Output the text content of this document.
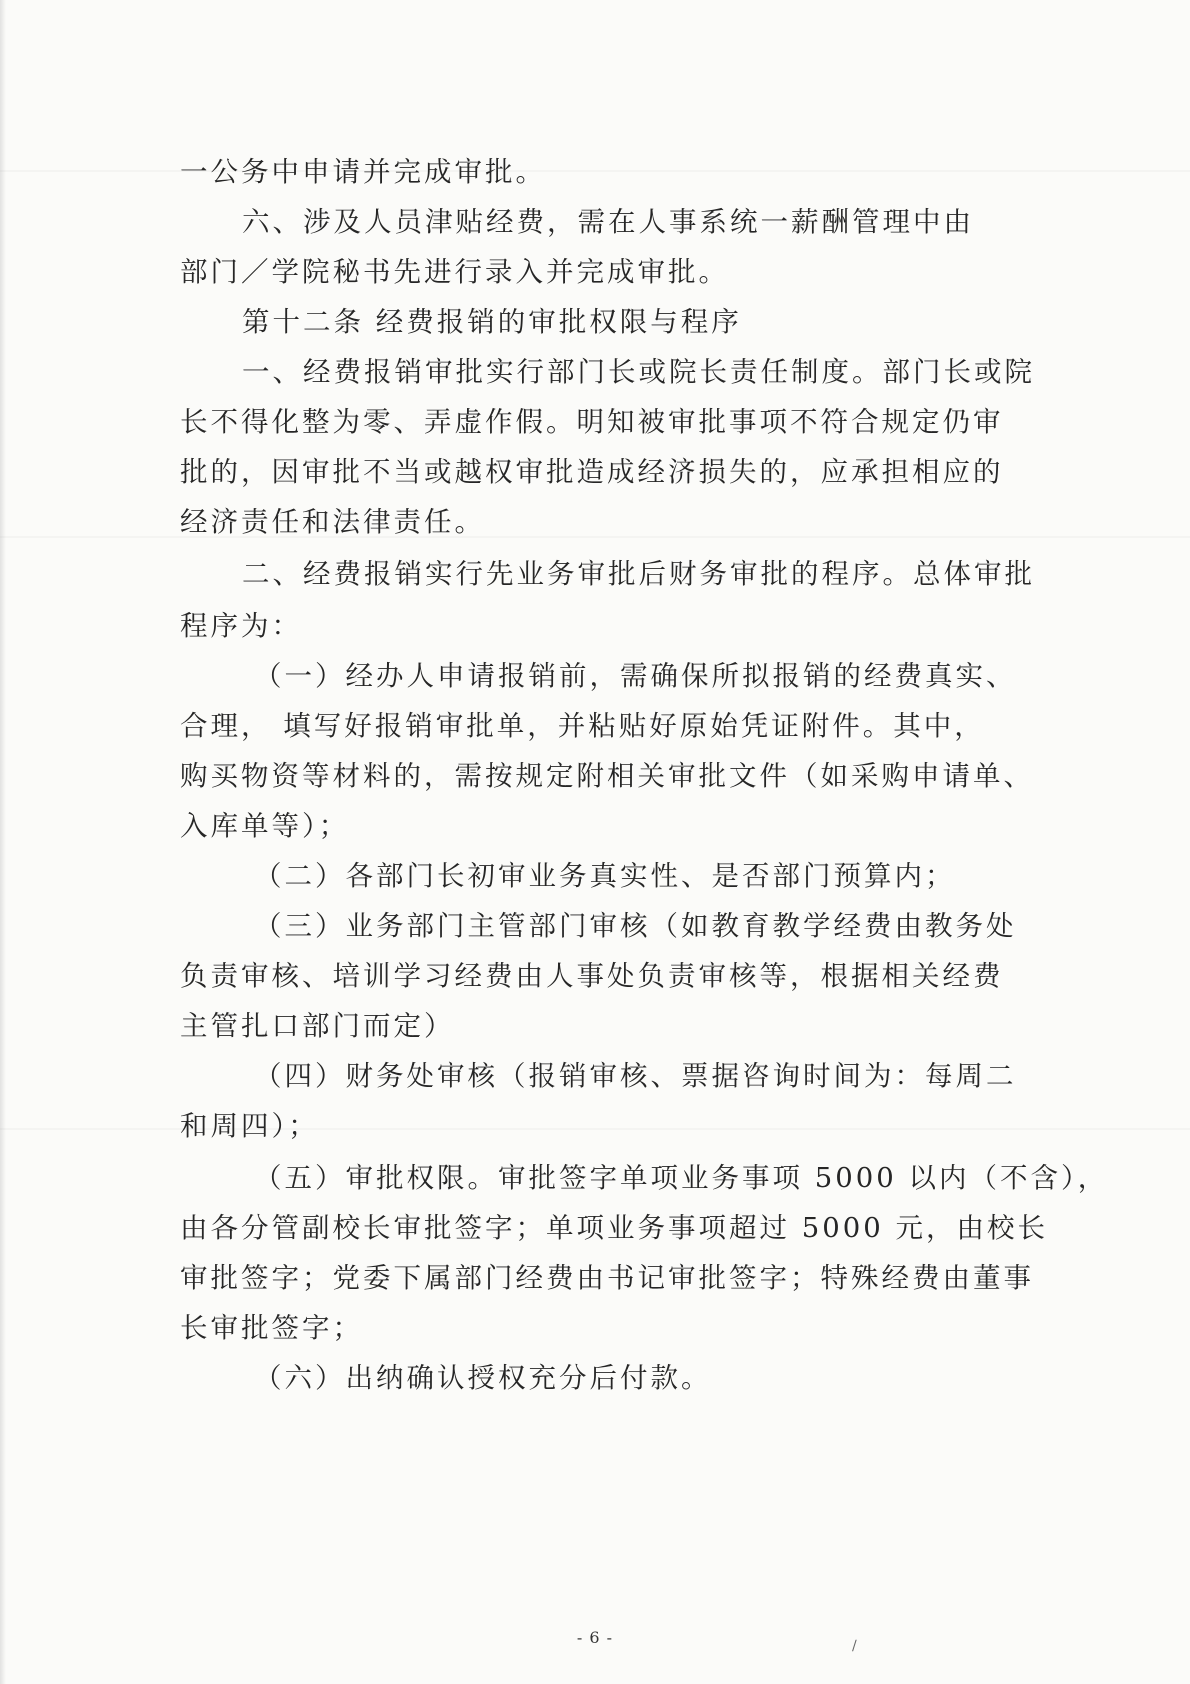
一公务中申请并完成审批。
六、涉及人员津贴经费，需在人事系统一薪酬管理中由
部门／学院秘书先进行录入并完成审批。
第十二条 经费报销的审批权限与程序
一、经费报销审批实行部门长或院长责任制度。部门长或院
长不得化整为零、弄虚作假。明知被审批事项不符合规定仍审
批的，因审批不当或越权审批造成经济损失的，应承担相应的
经济责任和法律责任。
二、经费报销实行先业务审批后财务审批的程序。总体审批
程序为：
（一）经办人申请报销前，需确保所拟报销的经费真实、
合理， 填写好报销审批单，并粘贴好原始凭证附件。其中，
购买物资等材料的，需按规定附相关审批文件（如采购申请单、
入库单等）；
（二）各部门长初审业务真实性、是否部门预算内；
（三）业务部门主管部门审核（如教育教学经费由教务处
负责审核、培训学习经费由人事处负责审核等，根据相关经费
主管扎口部门而定）
（四）财务处审核（报销审核、票据咨询时间为：每周二
和周四）；
（五）审批权限。审批签字单项业务事项 5000 以内（不含），
由各分管副校长审批签字；单项业务事项超过 5000 元，由校长
审批签字；党委下属部门经费由书记审批签字；特殊经费由董事
长审批签字；
（六）出纳确认授权充分后付款。
- 6 -	∕
